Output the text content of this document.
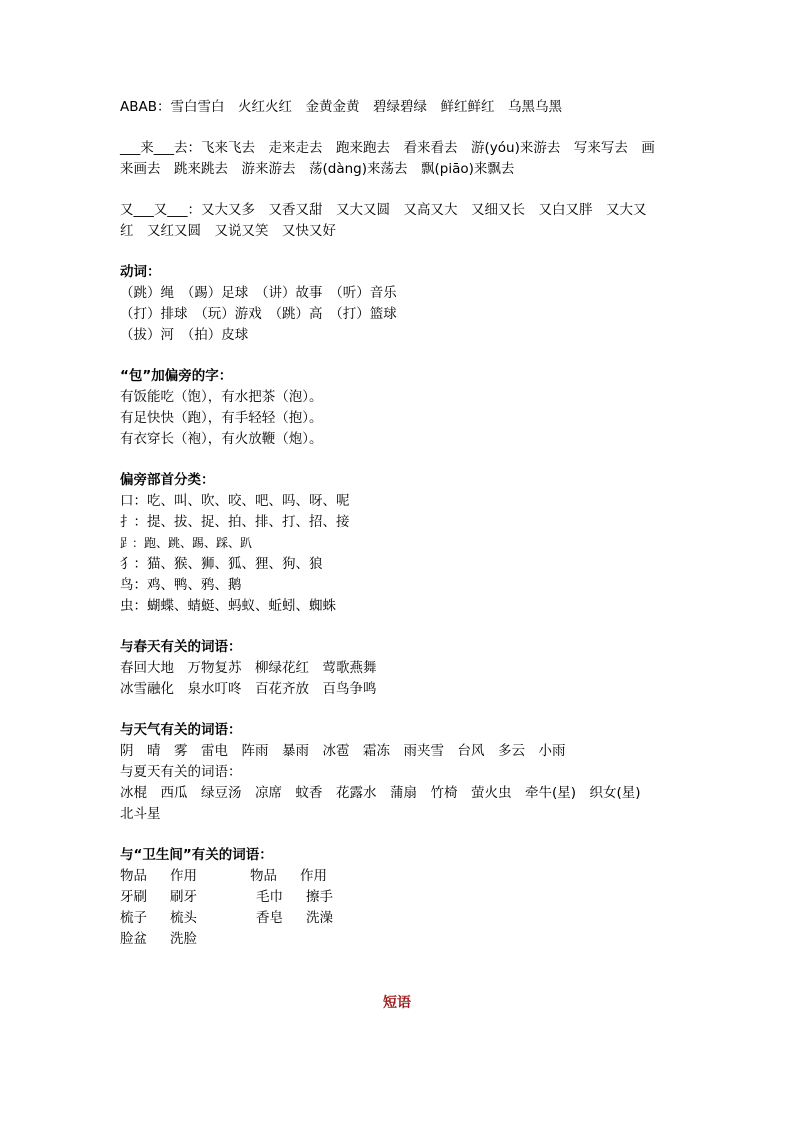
ABAB：雪白雪白　火红火红　金黄金黄　碧绿碧绿　鲜红鲜红　乌黑乌黑
___来___去：飞来飞去　走来走去　跑来跑去　看来看去　游(yóu)来游去　写来写去　画
来画去　跳来跳去　游来游去　荡(dàng)来荡去　飘(piāo)来飘去
又___又___：又大又多　又香又甜　又大又圆　又高又大　又细又长　又白又胖　又大又
红　又红又圆　又说又笑　又快又好
动词：
（跳）绳　（踢）足球　（讲）故事　（听）音乐
（打）排球　（玩）游戏　（跳）高　（打）篮球
（拔）河　（拍）皮球
“包”加偏旁的字：
有饭能吃（饱），有水把茶（泡）。
有足快快（跑），有手轻轻（抱）。
有衣穿长（袍），有火放鞭（炮）。
偏旁部首分类：
口：吃、叫、吹、咬、吧、吗、呀、呢
扌：提、拔、捉、拍、排、打、招、接
𧾷：跑、跳、踢、踩、趴
犭：猫、猴、狮、狐、狸、狗、狼
鸟：鸡、鸭、鸦、鹅
虫：蝴蝶、蜻蜓、蚂蚁、蚯蚓、蜘蛛
与春天有关的词语：
春回大地　万物复苏　柳绿花红　莺歌燕舞
冰雪融化　泉水叮咚　百花齐放　百鸟争鸣
与天气有关的词语：
阴　晴　雾　雷电　阵雨　暴雨　冰雹　霜冻　雨夹雪　台风　多云　小雨
与夏天有关的词语：
冰棍　西瓜　绿豆汤　凉席　蚊香　花露水　蒲扇　竹椅　萤火虫　牵牛(星)　织女(星)
北斗星
与“卫生间”有关的词语：
物品	作用	物品	作用
牙刷	刷牙	毛巾	擦手
梳子	梳头	香皂	洗澡
脸盆	洗脸
短语
